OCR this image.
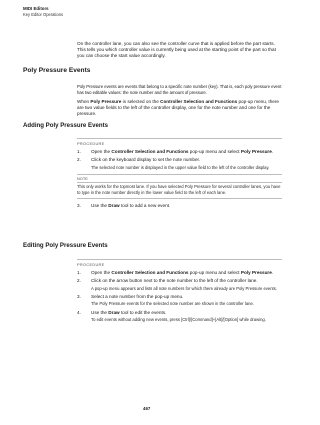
MIDI Editors
Key Editor Operations

On the controller lane, you can also see the controller curve that is applied before the part starts. This tells you which controller value is currently being used at the starting point of the part so that you can choose the start value accordingly.

Poly Pressure Events

Poly Pressure events are events that belong to a specific note number (key). That is, each poly pressure event has two editable values: the note number and the amount of pressure.

When Poly Pressure is selected on the Controller Selection and Functions pop-up menu, there are two value fields to the left of the controller display, one for the note number and one for the pressure.

Adding Poly Pressure Events

PROCEDURE

1. Open the Controller Selection and Functions pop-up menu and select Poly Pressure.

2. Click on the keyboard display to set the note number.

The selected note number is displayed in the upper value field to the left of the controller display.

NOTE

This only works for the topmost lane. If you have selected Poly Pressure for several controller lanes, you have to type in the note number directly in the lower value field to the left of each lane.

3. Use the Draw tool to add a new event.

Editing Poly Pressure Events

PROCEDURE

1. Open the Controller Selection and Functions pop-up menu and select Poly Pressure.

2. Click on the arrow button next to the note number to the left of the controller lane.

A pop-up menu appears and lists all note numbers for which there already are Poly Pressure events.

3. Select a note number from the pop-up menu.

The Poly Pressure events for the selected note number are shown in the controller lane.

4. Use the Draw tool to edit the events.

To edit events without adding new events, press [Ctrl]/[Command]+[Alt]/[Option] while drawing.

467
